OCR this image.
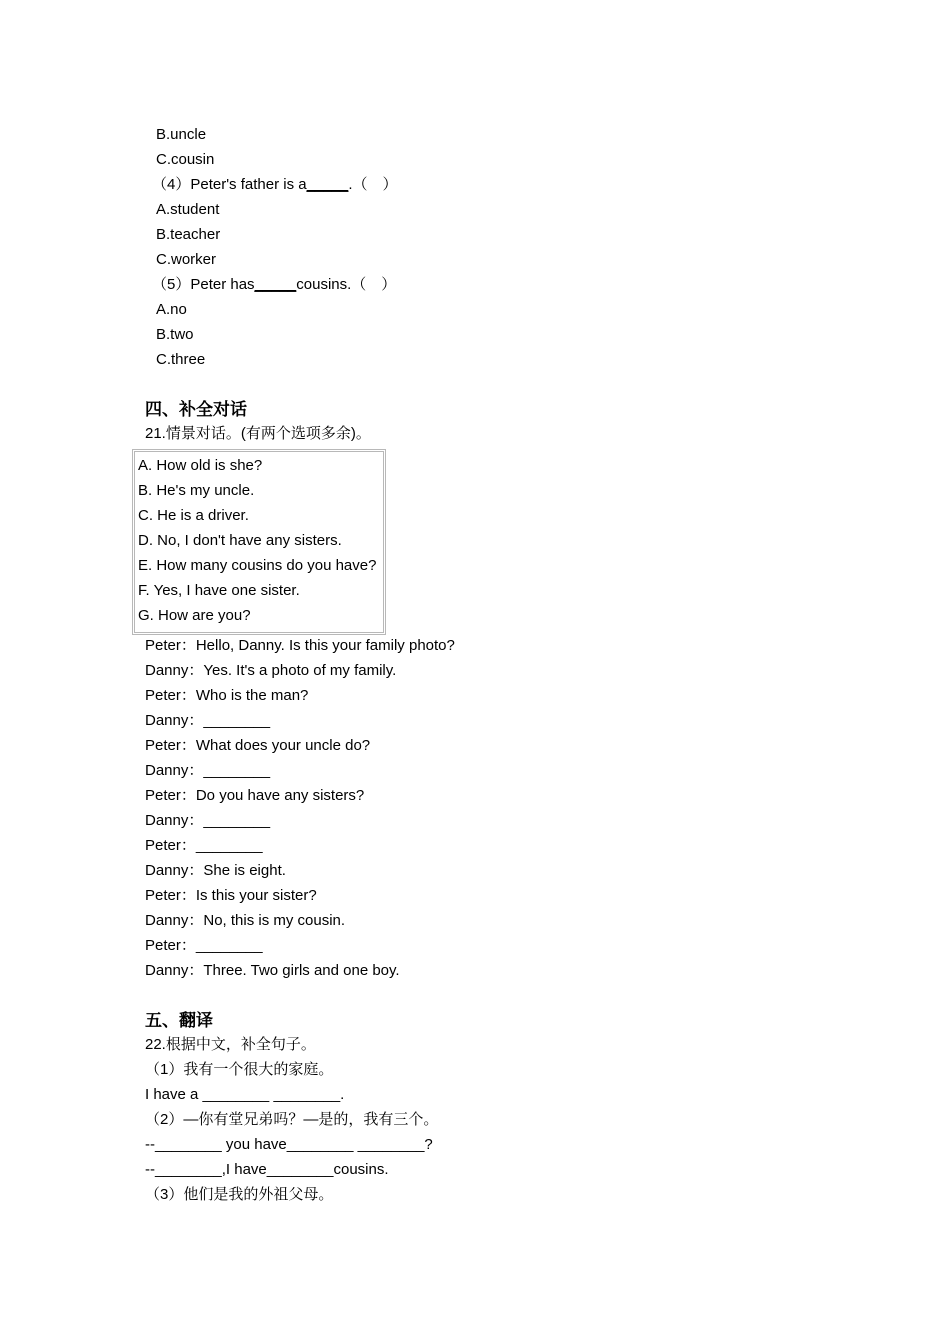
B.uncle
C.cousin
（4）Peter's father is a_____.（　）
A.student
B.teacher
C.worker
（5）Peter has_____cousins.（　）
A.no
B.two
C.three
四、补全对话
21.情景对话。(有两个选项多余)。
A. How old is she?
B. He's my uncle.
C. He is a driver.
D. No, I don't have any sisters.
E. How many cousins do you have?
F. Yes, I have one sister.
G. How are you?
Peter：Hello, Danny. Is this your family photo?
Danny：Yes. It's a photo of my family.
Peter：Who is the man?
Danny：________
Peter：What does your uncle do?
Danny：________
Peter：Do you have any sisters?
Danny：________
Peter：________
Danny：She is eight.
Peter：Is this your sister?
Danny：No, this is my cousin.
Peter：________
Danny：Three. Two girls and one boy.
五、翻译
22.根据中文，补全句子。
（1）我有一个很大的家庭。
I have a ________ ________.
（2）—你有堂兄弟吗？—是的，我有三个。
--________ you have________ ________?
--________,I have________cousins.
（3）他们是我的外祖父母。
